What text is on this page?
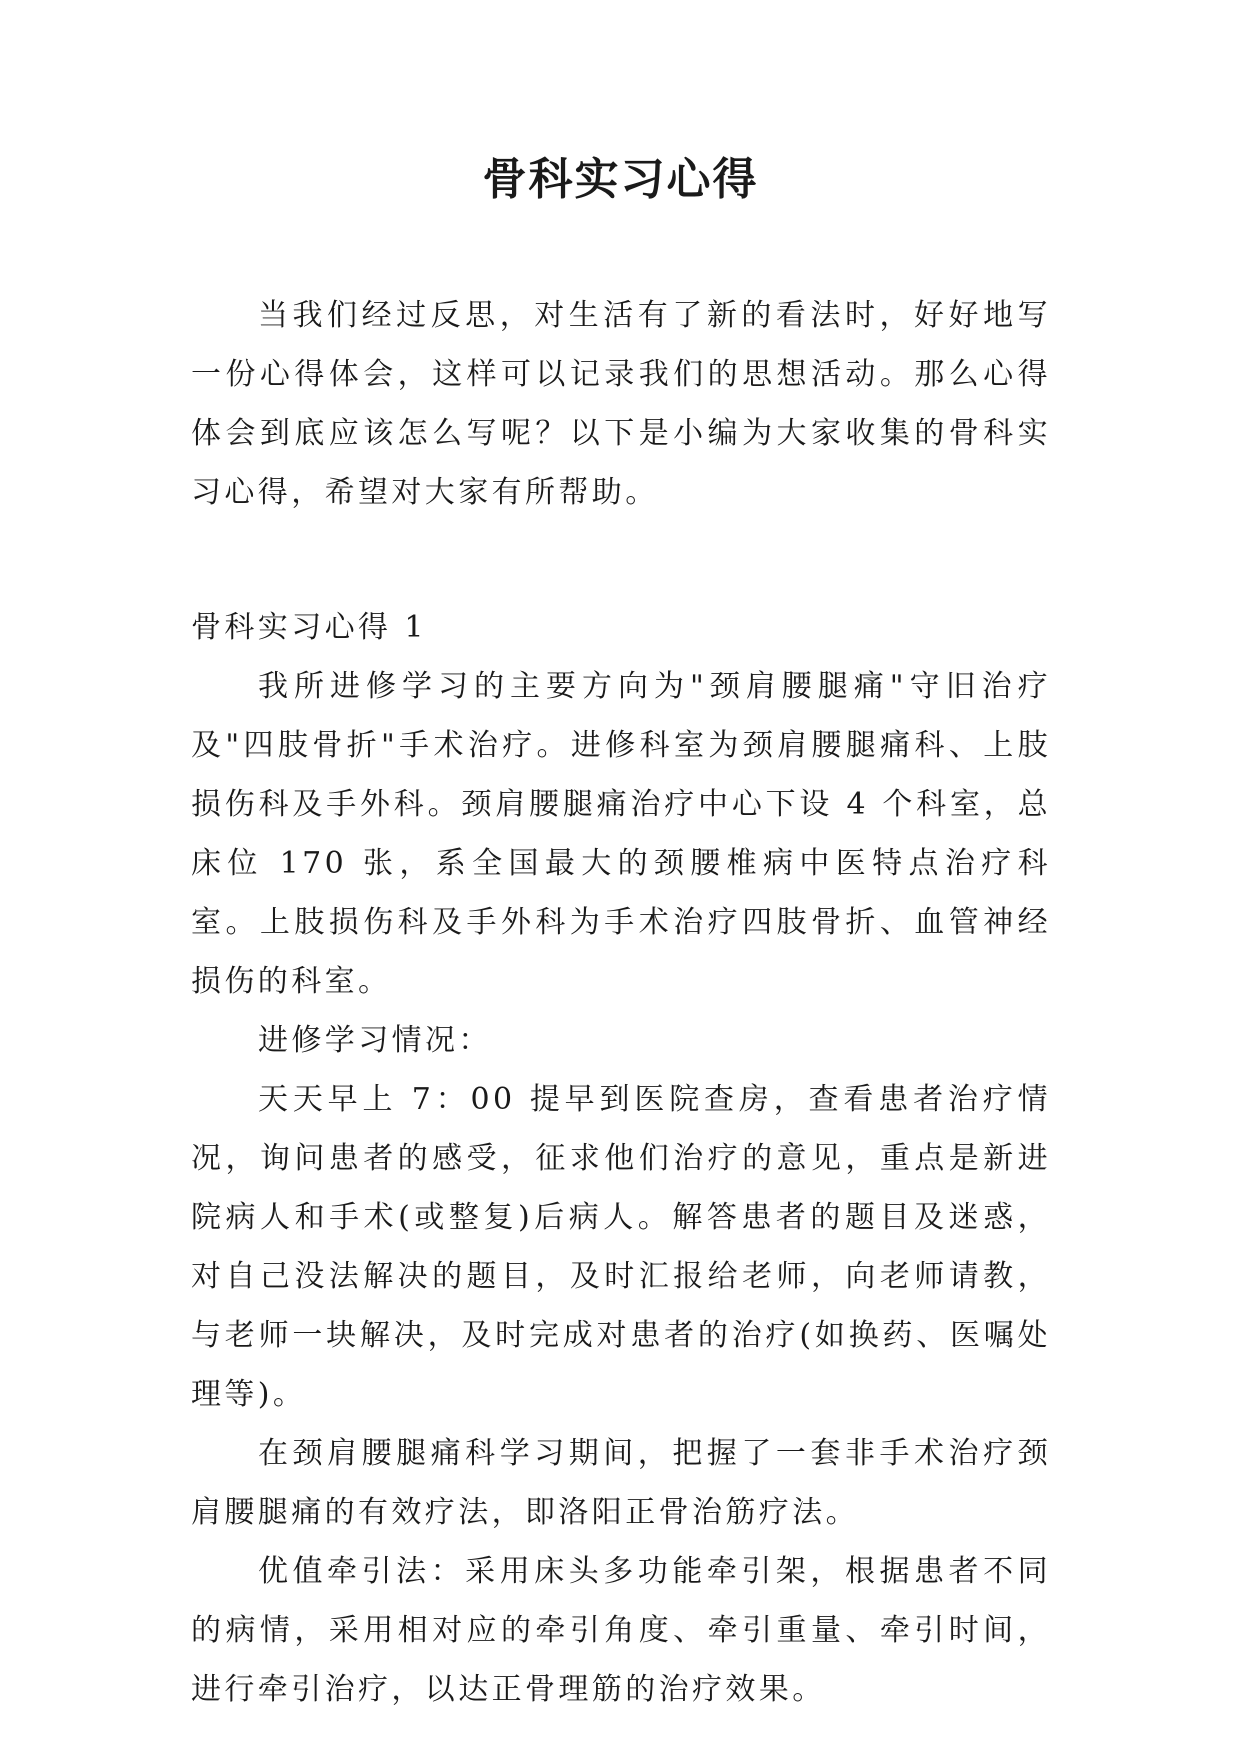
骨科实习心得

当我们经过反思，对生活有了新的看法时，好好地写一份心得体会，这样可以记录我们的思想活动。那么心得体会到底应该怎么写呢？以下是小编为大家收集的骨科实习心得，希望对大家有所帮助。

骨科实习心得 1

我所进修学习的主要方向为"颈肩腰腿痛"守旧治疗及"四肢骨折"手术治疗。进修科室为颈肩腰腿痛科、上肢损伤科及手外科。颈肩腰腿痛治疗中心下设 4 个科室，总床位 170 张，系全国最大的颈腰椎病中医特点治疗科室。上肢损伤科及手外科为手术治疗四肢骨折、血管神经损伤的科室。

进修学习情况：

天天早上 7：00 提早到医院查房，查看患者治疗情况，询问患者的感受，征求他们治疗的意见，重点是新进院病人和手术(或整复)后病人。解答患者的题目及迷惑，对自己没法解决的题目，及时汇报给老师，向老师请教，与老师一块解决，及时完成对患者的治疗(如换药、医嘱处理等)。

在颈肩腰腿痛科学习期间，把握了一套非手术治疗颈肩腰腿痛的有效疗法，即洛阳正骨治筋疗法。

优值牵引法：采用床头多功能牵引架，根据患者不同的病情，采用相对应的牵引角度、牵引重量、牵引时间，进行牵引治疗，以达正骨理筋的治疗效果。
